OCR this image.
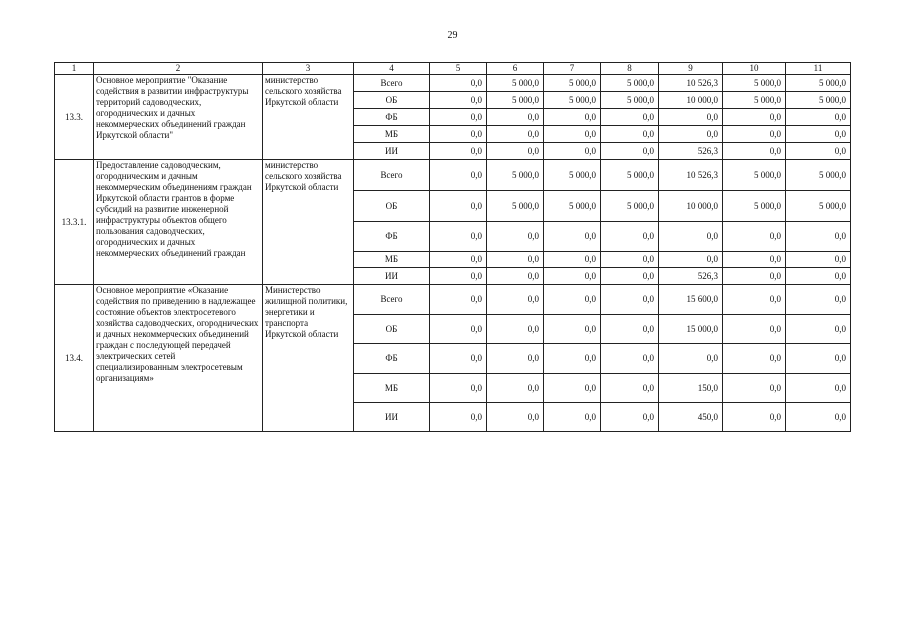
29
1	2	3	4	5	6	7	8	9	10	11
13.3.	Основное мероприятие "Оказание содействия в развитии инфраструктуры территорий садоводческих, огороднических и дачных некоммерческих объединений граждан Иркутской области"	министерство сельского хозяйства Иркутской области	Всего	0,0	5 000,0	5 000,0	5 000,0	10 526,3	5 000,0	5 000,0
			ОБ	0,0	5 000,0	5 000,0	5 000,0	10 000,0	5 000,0	5 000,0
			ФБ	0,0	0,0	0,0	0,0	0,0	0,0	0,0
			МБ	0,0	0,0	0,0	0,0	0,0	0,0	0,0
			ИИ	0,0	0,0	0,0	0,0	526,3	0,0	0,0
13.3.1.	Предоставление садоводческим, огородническим и дачным некоммерческим объединениям граждан Иркутской области грантов в форме субсидий на развитие инженерной инфраструктуры объектов общего пользования садоводческих, огороднических и дачных некоммерческих объединений граждан	министерство сельского хозяйства Иркутской области	Всего	0,0	5 000,0	5 000,0	5 000,0	10 526,3	5 000,0	5 000,0
			ОБ	0,0	5 000,0	5 000,0	5 000,0	10 000,0	5 000,0	5 000,0
			ФБ	0,0	0,0	0,0	0,0	0,0	0,0	0,0
			МБ	0,0	0,0	0,0	0,0	0,0	0,0	0,0
			ИИ	0,0	0,0	0,0	0,0	526,3	0,0	0,0
13.4.	Основное мероприятие «Оказание содействия по приведению в надлежащее состояние объектов электросетевого хозяйства садоводческих, огороднических и дачных некоммерческих объединений граждан с последующей передачей электрических сетей специализированным электросетевым организациям»	Министерство жилищной политики, энергетики и транспорта Иркутской области	Всего	0,0	0,0	0,0	0,0	15 600,0	0,0	0,0
			ОБ	0,0	0,0	0,0	0,0	15 000,0	0,0	0,0
			ФБ	0,0	0,0	0,0	0,0	0,0	0,0	0,0
			МБ	0,0	0,0	0,0	0,0	150,0	0,0	0,0
			ИИ	0,0	0,0	0,0	0,0	450,0	0,0	0,0
